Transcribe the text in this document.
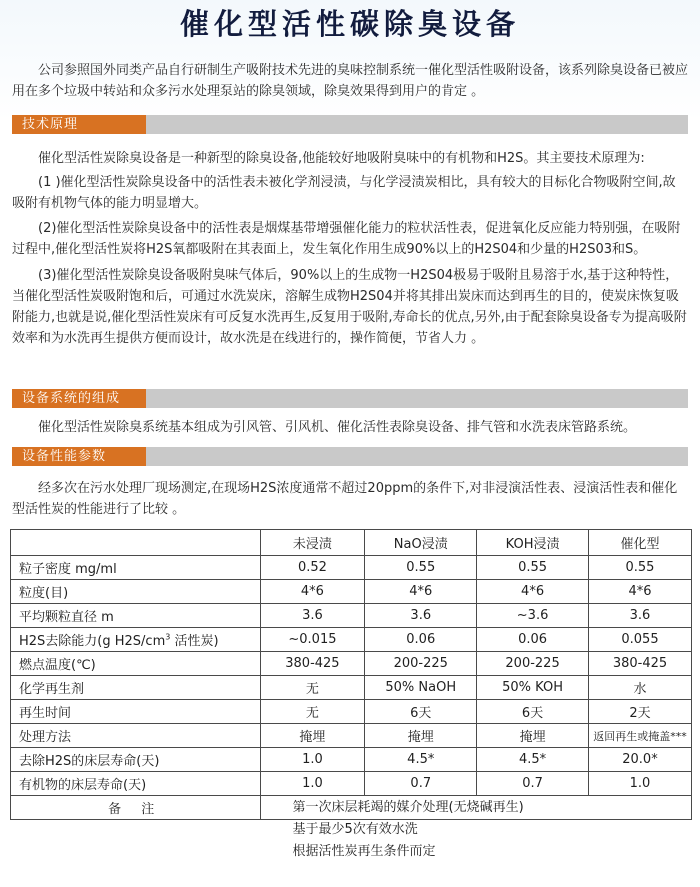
催化型活性碳除臭设备
公司参照国外同类产品自行研制生产吸附技术先进的臭味控制系统一催化型活性吸附设备，该系列除臭设备已被应用在多个垃圾中转站和众多污水处理泵站的除臭领域，除臭效果得到用户的肯定 。
技术原理
催化型活性炭除臭设备是一种新型的除臭设备,他能较好地吸附臭味中的有机物和H2S。其主要技术原理为:
(1 )催化型活性炭除臭设备中的活性表未被化学剂浸渍，与化学浸渍炭相比，具有较大的目标化合物吸附空间,故吸附有机物气体的能力明显增大。
(2)催化型活性炭除臭设备中的活性表是烟煤基带增强催化能力的粒状活性表，促进氧化反应能力特别强，在吸附过程中,催化型活性炭将H2S氧都吸附在其表面上，发生氧化作用生成90%以上的H2S04和少量的H2S03和S。
(3)催化型活性炭除臭设备吸附臭味气体后，90%以上的生成物一H2S04极易于吸附且易溶于水,基于这种特性，当催化型活性炭吸附饱和后，可通过水洗炭床，溶解生成物H2S04并将其排出炭床而达到再生的目的，使炭床恢复吸附能力,也就是说,催化型活性炭床有可反复水洗再生,反复用于吸附,寿命长的优点,另外,由于配套除臭设备专为提高吸附效率和为水洗再生提供方便而设计，故水洗是在线进行的，操作简便，节省人力 。
设备系统的组成
催化型活性炭除臭系统基本组成为引风管、引风机、催化活性表除臭设备、排气管和水洗表床管路系统。
设备性能参数
经多次在污水处理厂现场测定,在现场H2S浓度通常不超过20ppm的条件下,对非浸演活性表、浸演活性表和催化型活性炭的性能进行了比较 。
	未浸渍	NaO浸渍	KOH浸渍	催化型
粒子密度 mg/ml	0.52	0.55	0.55	0.55
粒度(目)	4*6	4*6	4*6	4*6
平均颗粒直径 m	3.6	3.6	~3.6	3.6
H2S去除能力(g $H2S/cm^3$ 活性炭)	~0.015	0.06	0.06	0.055
燃点温度(℃)	380-425	200-225	200-225	380-425
化学再生剂	无	50% NaOH	50% KOH	水
再生时间	无	6天	6天	2天
处理方法	掩埋	掩埋	掩埋	返回再生或掩盖***
去除H2S的床层寿命(天)	1.0	4.5*	4.5*	20.0*
有机物的床层寿命(天)	1.0	0.7	0.7	1.0
备 注	第一次床层耗竭的媒介处理(无烧碱再生)
基于最少5次有效水洗
根据活性炭再生条件而定			
